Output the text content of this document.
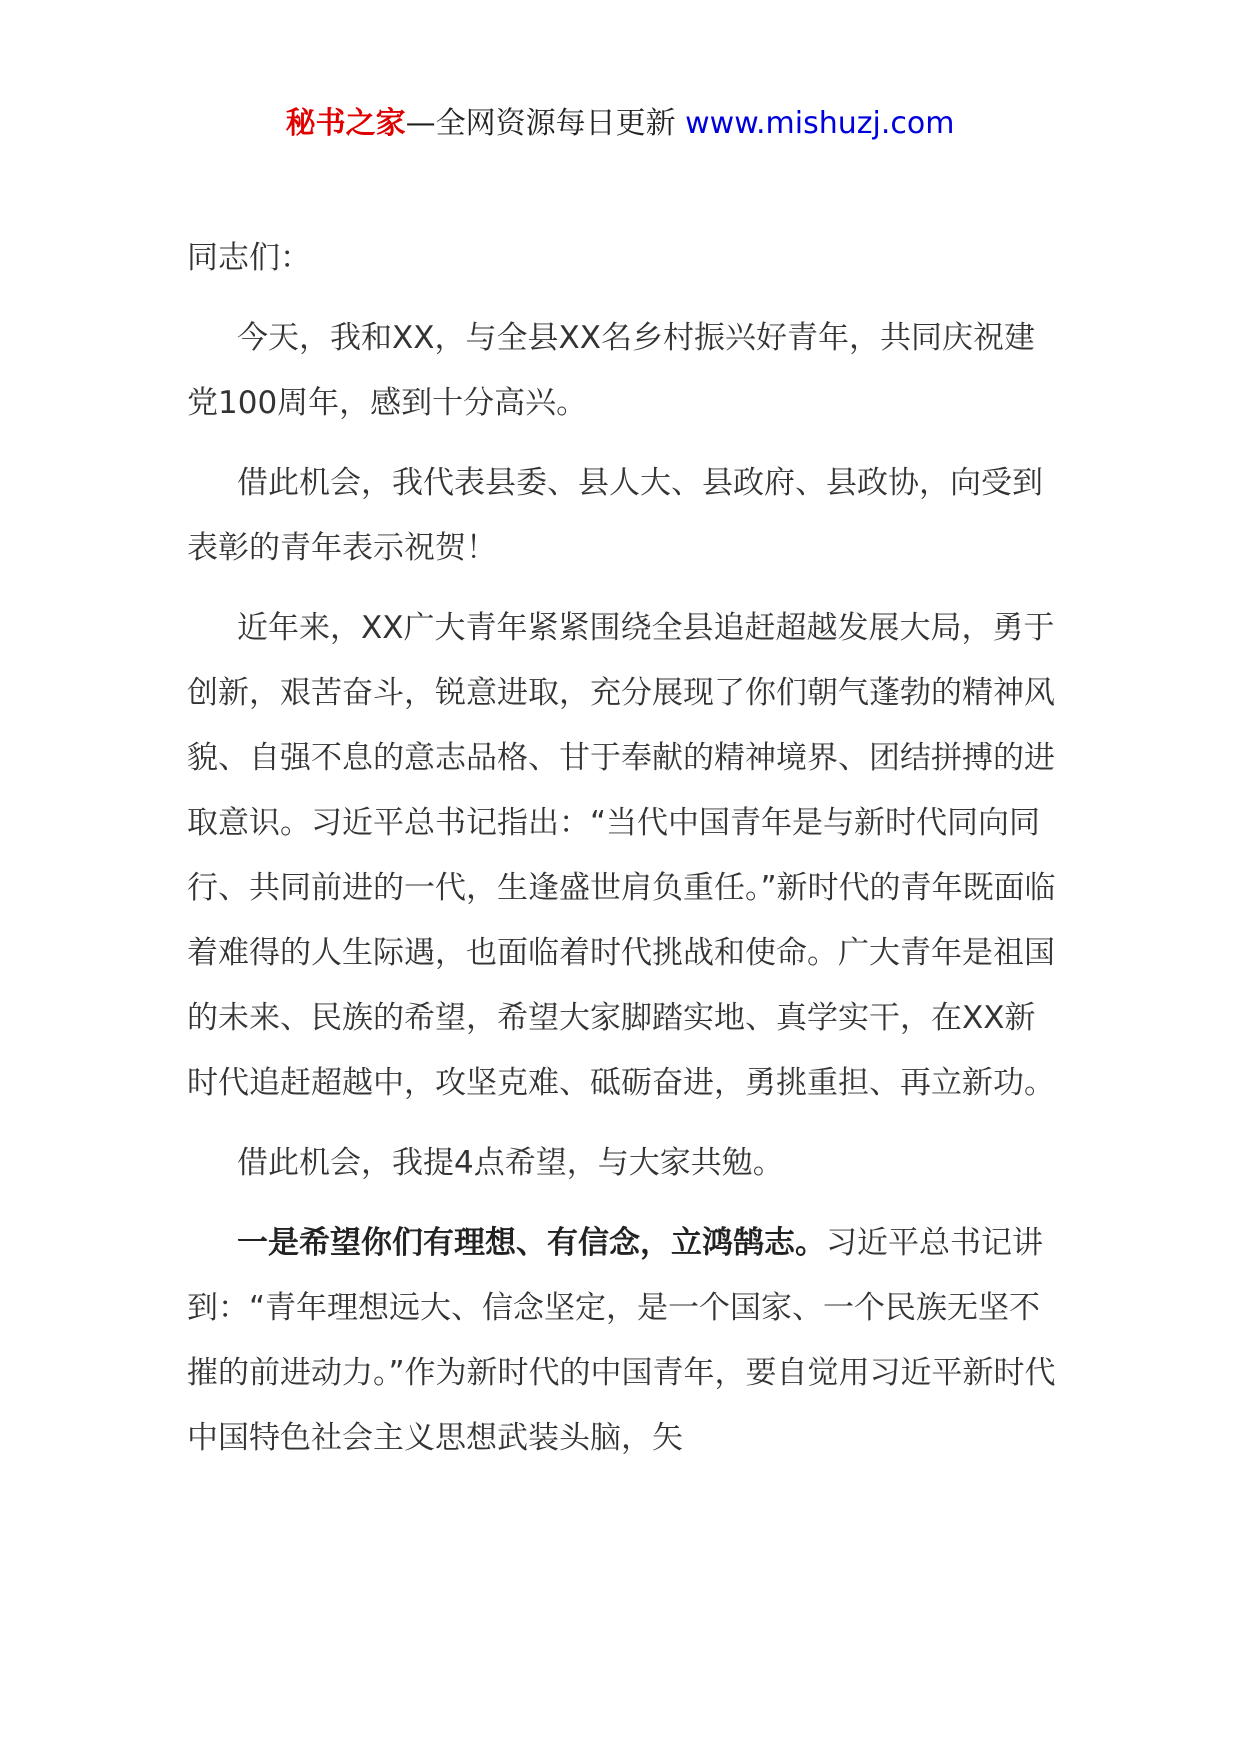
秘书之家—全网资源每日更新 www.mishuzj.com

同志们：

今天，我和XX，与全县XX名乡村振兴好青年，共同庆祝建党100周年，感到十分高兴。

借此机会，我代表县委、县人大、县政府、县政协，向受到表彰的青年表示祝贺！

近年来，XX广大青年紧紧围绕全县追赶超越发展大局，勇于创新，艰苦奋斗，锐意进取，充分展现了你们朝气蓬勃的精神风貌、自强不息的意志品格、甘于奉献的精神境界、团结拼搏的进取意识。习近平总书记指出：“当代中国青年是与新时代同向同行、共同前进的一代，生逢盛世肩负重任。”新时代的青年既面临着难得的人生际遇，也面临着时代挑战和使命。广大青年是祖国的未来、民族的希望，希望大家脚踏实地、真学实干，在XX新时代追赶超越中，攻坚克难、砥砺奋进，勇挑重担、再立新功。

借此机会，我提4点希望，与大家共勉。

一是希望你们有理想、有信念，立鸿鹄志。习近平总书记讲到：“青年理想远大、信念坚定，是一个国家、一个民族无坚不摧的前进动力。”作为新时代的中国青年，要自觉用习近平新时代中国特色社会主义思想武装头脑，矢
